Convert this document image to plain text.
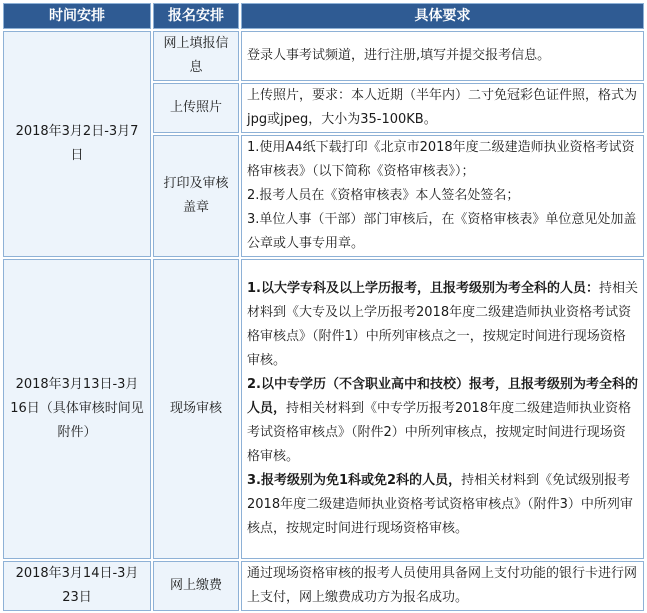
时间安排	报名安排	具体要求
2018年3月2日-3月7日	网上填报信息	登录人事考试频道，进行注册,填写并提交报考信息。
	上传照片	上传照片，要求：本人近期（半年内）二寸免冠彩色证件照，格式为jpg或jpeg，大小为35-100KB。
	打印及审核盖章	1.使用A4纸下载打印《北京市2018年度二级建造师执业资格考试资格审核表》（以下简称《资格审核表》）；

2.报考人员在《资格审核表》本人签名处签名；

3.单位人事（干部）部门审核后，在《资格审核表》单位意见处加盖公章或人事专用章。

2018年3月13日-3月16日（具体审核时间见附件）	现场审核	1.以大学专科及以上学历报考，且报考级别为考全科的人员：持相关材料到《大专及以上学历报考2018年度二级建造师执业资格考试资格审核点》（附件1）中所列审核点之一，按规定时间进行现场资格审核。

2.以中专学历（不含职业高中和技校）报考，且报考级别为考全科的人员，持相关材料到《中专学历报考2018年度二级建造师执业资格考试资格审核点》（附件2）中所列审核点，按规定时间进行现场资格审核。

3.报考级别为免1科或免2科的人员，持相关材料到《免试级别报考2018年度二级建造师执业资格考试资格审核点》（附件3）中所列审核点，按规定时间进行现场资格审核。

2018年3月14日-3月23日	网上缴费	通过现场资格审核的报考人员使用具备网上支付功能的银行卡进行网上支付，网上缴费成功方为报名成功。
